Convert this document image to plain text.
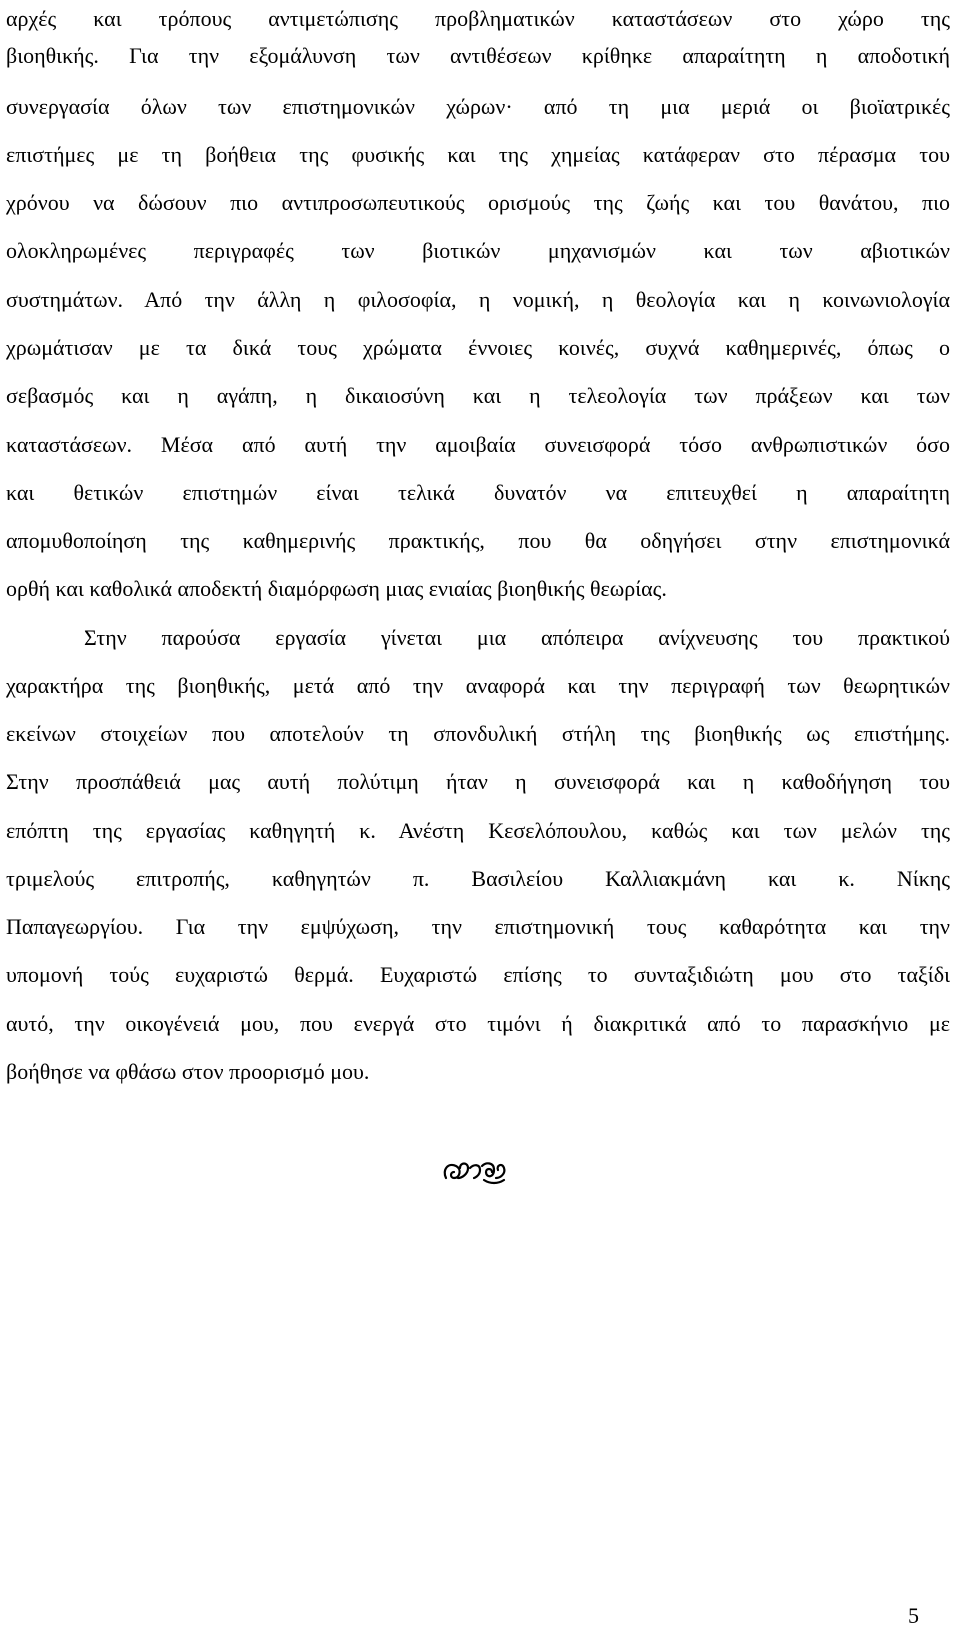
αρχές και τρόπους αντιμετώπισης προβληματικών καταστάσεων στο χώρο της
βιοηθικής. Για την εξομάλυνση των αντιθέσεων κρίθηκε απαραίτητη η αποδοτική
συνεργασία όλων των επιστημονικών χώρων· από τη μια μεριά οι βιοϊατρικές
επιστήμες με τη βοήθεια της φυσικής και της χημείας κατάφεραν στο πέρασμα του
χρόνου να δώσουν πιο αντιπροσωπευτικούς ορισμούς της ζωής και του θανάτου, πιο
ολοκληρωμένες περιγραφές των βιοτικών μηχανισμών και των αβιοτικών
συστημάτων. Από την άλλη η φιλοσοφία, η νομική, η θεολογία και η κοινωνιολογία
χρωμάτισαν με τα δικά τους χρώματα έννοιες κοινές, συχνά καθημερινές, όπως ο
σεβασμός και η αγάπη, η δικαιοσύνη και η τελεολογία των πράξεων και των
καταστάσεων. Μέσα από αυτή την αμοιβαία συνεισφορά τόσο ανθρωπιστικών όσο
και θετικών επιστημών είναι τελικά δυνατόν να επιτευχθεί η απαραίτητη
απομυθοποίηση της καθημερινής πρακτικής, που θα οδηγήσει στην επιστημονικά
ορθή και καθολικά αποδεκτή διαμόρφωση μιας ενιαίας βιοηθικής θεωρίας.
Στην παρούσα εργασία γίνεται μια απόπειρα ανίχνευσης του πρακτικού
χαρακτήρα της βιοηθικής, μετά από την αναφορά και την περιγραφή των θεωρητικών
εκείνων στοιχείων που αποτελούν τη σπονδυλική στήλη της βιοηθικής ως επιστήμης.
Στην προσπάθειά μας αυτή πολύτιμη ήταν η συνεισφορά και η καθοδήγηση του
επόπτη της εργασίας καθηγητή κ. Ανέστη Κεσελόπουλου, καθώς και των μελών της
τριμελούς επιτροπής, καθηγητών π. Βασιλείου Καλλιακμάνη και κ. Νίκης
Παπαγεωργίου. Για την εμψύχωση, την επιστημονική τους καθαρότητα και την
υπομονή τούς ευχαριστώ θερμά. Ευχαριστώ επίσης το συνταξιδιώτη μου στο ταξίδι
αυτό, την οικογένειά μου, που ενεργά στο τιμόνι ή διακριτικά από το παρασκήνιο με
βοήθησε να φθάσω στον προορισμό μου.
5
